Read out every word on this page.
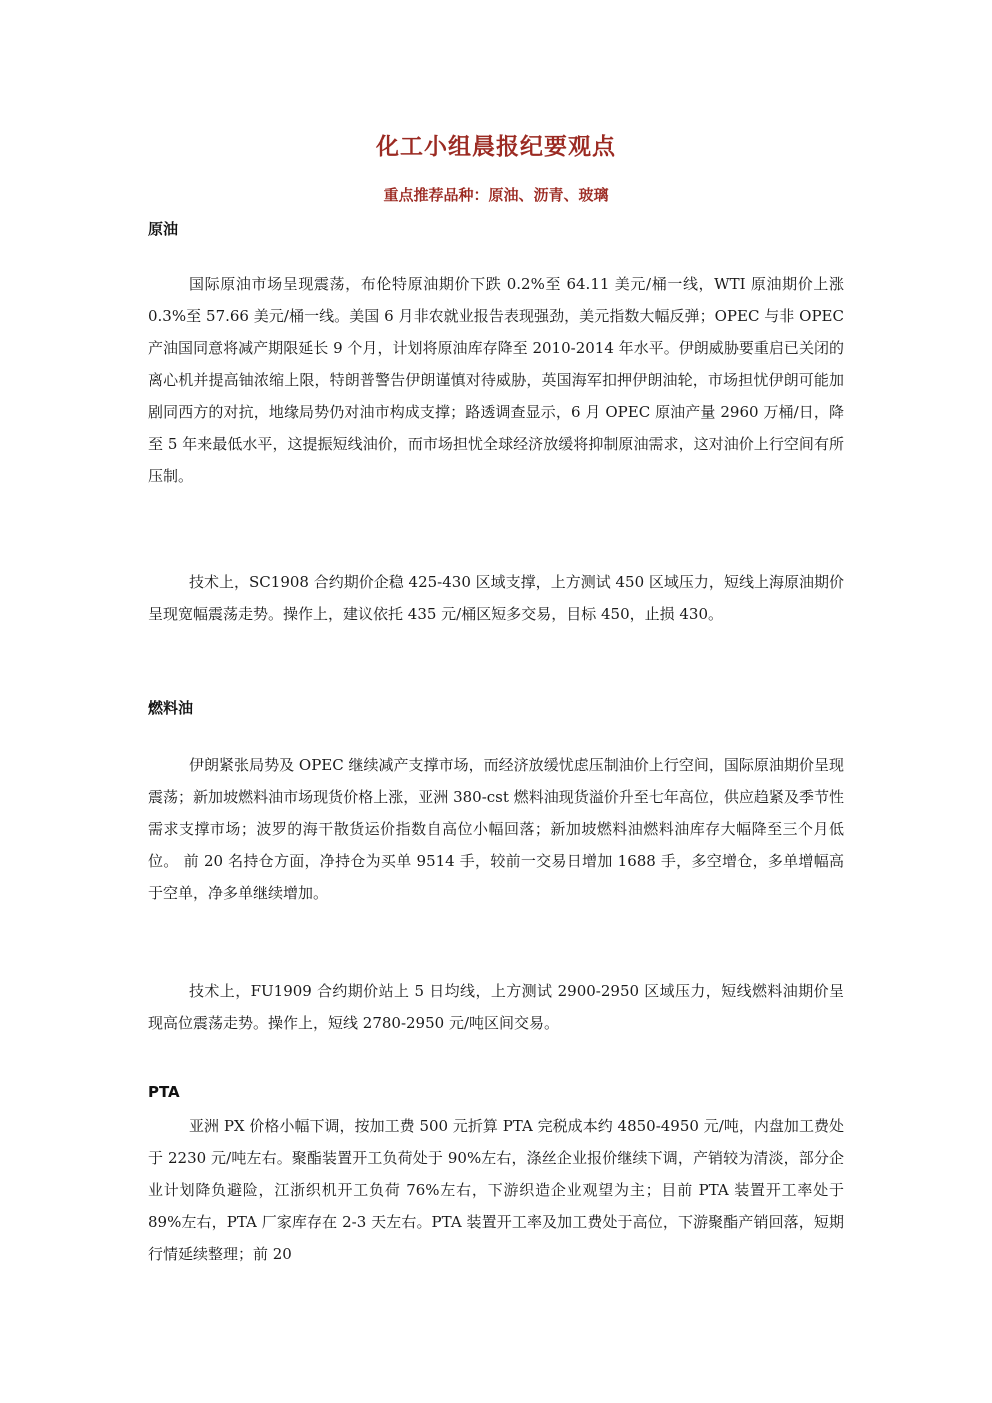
化工小组晨报纪要观点
重点推荐品种：原油、沥青、玻璃
原油
国际原油市场呈现震荡，布伦特原油期价下跌 0.2%至 64.11 美元/桶一线，WTI 原油期价上涨 0.3%至 57.66 美元/桶一线。美国 6 月非农就业报告表现强劲，美元指数大幅反弹；OPEC 与非 OPEC 产油国同意将减产期限延长 9 个月，计划将原油库存降至 2010-2014 年水平。伊朗威胁要重启已关闭的离心机并提高铀浓缩上限，特朗普警告伊朗谨慎对待威胁，英国海军扣押伊朗油轮，市场担忧伊朗可能加剧同西方的对抗，地缘局势仍对油市构成支撑；路透调查显示，6 月 OPEC 原油产量 2960 万桶/日，降至 5 年来最低水平，这提振短线油价，而市场担忧全球经济放缓将抑制原油需求，这对油价上行空间有所压制。
技术上，SC1908 合约期价企稳 425-430 区域支撑，上方测试 450 区域压力，短线上海原油期价呈现宽幅震荡走势。操作上，建议依托 435 元/桶区短多交易，目标 450，止损 430。
燃料油
伊朗紧张局势及 OPEC 继续减产支撑市场，而经济放缓忧虑压制油价上行空间，国际原油期价呈现震荡；新加坡燃料油市场现货价格上涨，亚洲 380-cst 燃料油现货溢价升至七年高位，供应趋紧及季节性需求支撑市场；波罗的海干散货运价指数自高位小幅回落；新加坡燃料油燃料油库存大幅降至三个月低位。 前 20 名持仓方面，净持仓为买单 9514 手，较前一交易日增加 1688 手，多空增仓，多单增幅高于空单，净多单继续增加。
技术上，FU1909 合约期价站上 5 日均线，上方测试 2900-2950 区域压力，短线燃料油期价呈现高位震荡走势。操作上，短线 2780-2950 元/吨区间交易。
PTA
亚洲 PX 价格小幅下调，按加工费 500 元折算 PTA 完税成本约 4850-4950 元/吨，内盘加工费处于 2230 元/吨左右。聚酯装置开工负荷处于 90%左右，涤丝企业报价继续下调，产销较为清淡，部分企业计划降负避险，江浙织机开工负荷 76%左右，下游织造企业观望为主；目前 PTA 装置开工率处于 89%左右，PTA 厂家库存在 2-3 天左右。PTA 装置开工率及加工费处于高位，下游聚酯产销回落，短期行情延续整理；前 20
